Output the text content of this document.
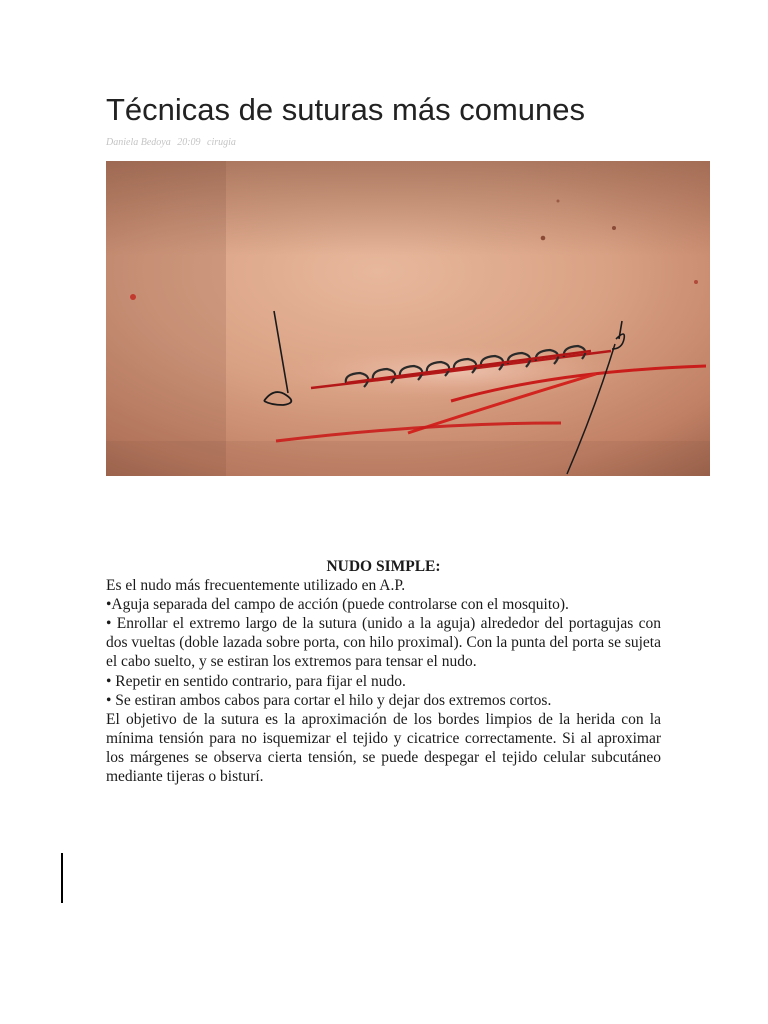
Técnicas de suturas más comunes
Daniela Bedoya 20:09 cirugia
NUDO SIMPLE:

Es el nudo más frecuentemente utilizado en A.P.

•Aguja separada del campo de acción (puede controlarse con el mosquito).

• Enrollar el extremo largo de la sutura (unido a la aguja) alrededor del portagujas con dos vueltas (doble lazada sobre porta, con hilo proximal). Con la punta del porta se sujeta el cabo suelto, y se estiran los extremos para tensar el nudo.

• Repetir en sentido contrario, para fijar el nudo.

• Se estiran ambos cabos para cortar el hilo y dejar dos extremos cortos.

El objetivo de la sutura es la aproximación de los bordes limpios de la herida con la mínima tensión para no isquemizar el tejido y cicatrice correctamente. Si al aproximar los márgenes se observa cierta tensión, se puede despegar el tejido celular subcutáneo mediante tijeras o bisturí.
